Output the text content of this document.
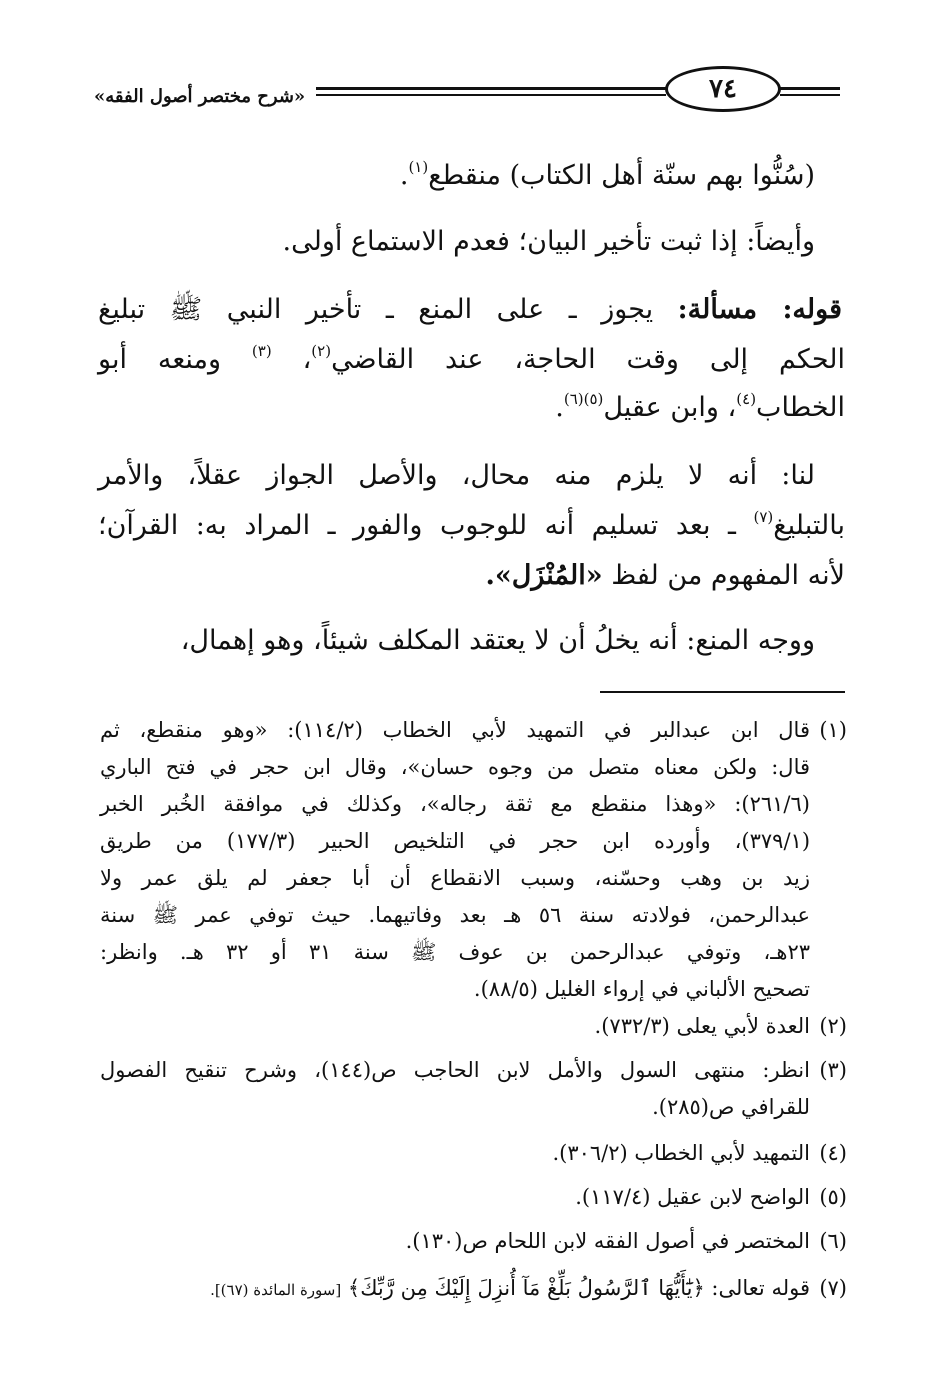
٧٤
«شرح مختصر أصول الفقه»
(سُنُّوا بهم سنّة أهل الكتاب) منقطع$^{(١)}$.
وأيضاً: إذا ثبت تأخير البيان؛ فعدم الاستماع أولى.
قوله: مسألة: يجوز ـ على المنع ـ تأخير النبي ﷺ تبليغ
الحكم إلى وقت الحاجة، عند القاضي$^{(٢)}$، $^{(٣)}$ ومنعه أبو
الخطاب$^{(٤)}$، وابن عقيل$^{(٥)(٦)}$.
لنا: أنه لا يلزم منه محال، والأصل الجواز عقلاً، والأمر
بالتبليغ$^{(٧)}$ ـ بعد تسليم أنه للوجوب والفور ـ المراد به: القرآن؛
لأنه المفهوم من لفظ «المُنْزَل».
ووجه المنع: أنه يخلُ أن لا يعتقد المكلف شيئاً، وهو إهمال،
(١)
قال ابن عبدالبر في التمهيد لأبي الخطاب (١١٤/٢): «وهو منقطع، ثم
قال: ولكن معناه متصل من وجوه حسان»، وقال ابن حجر في فتح الباري
(٢٦١/٦): «وهذا منقطع مع ثقة رجاله»، وكذلك في موافقة الخُبر الخبر
(٣٧٩/١)، وأورده ابن حجر في التلخيص الحبير (١٧٧/٣) من طريق
زيد بن وهب وحسّنه، وسبب الانقطاع أن أبا جعفر لم يلق عمر ولا
عبدالرحمن، فولادته سنة ٥٦ هـ بعد وفاتيهما. حيث توفي عمر ﷺ سنة
٢٣هـ، وتوفي عبدالرحمن بن عوف ﷺ سنة ٣١ أو ٣٢ هـ. وانظر:
تصحيح الألباني في إرواء الغليل (٨٨/٥).
(٢)
العدة لأبي يعلى (٧٣٢/٣).
(٣)
انظر: منتهى السول والأمل لابن الحاجب ص(١٤٤)، وشرح تنقيح الفصول
للقرافي ص(٢٨٥).
(٤)
التمهيد لأبي الخطاب (٣٠٦/٢).
(٥)
الواضح لابن عقيل (١١٧/٤).
(٦)
المختصر في أصول الفقه لابن اللحام ص(١٣٠).
(٧)
قوله تعالى: ﴿يَٰٓأَيُّهَا ٱلرَّسُولُ بَلِّغْ مَآ أُنزِلَ إِلَيْكَ مِن رَّبِّكَ﴾ [سورة المائدة (٦٧)].
